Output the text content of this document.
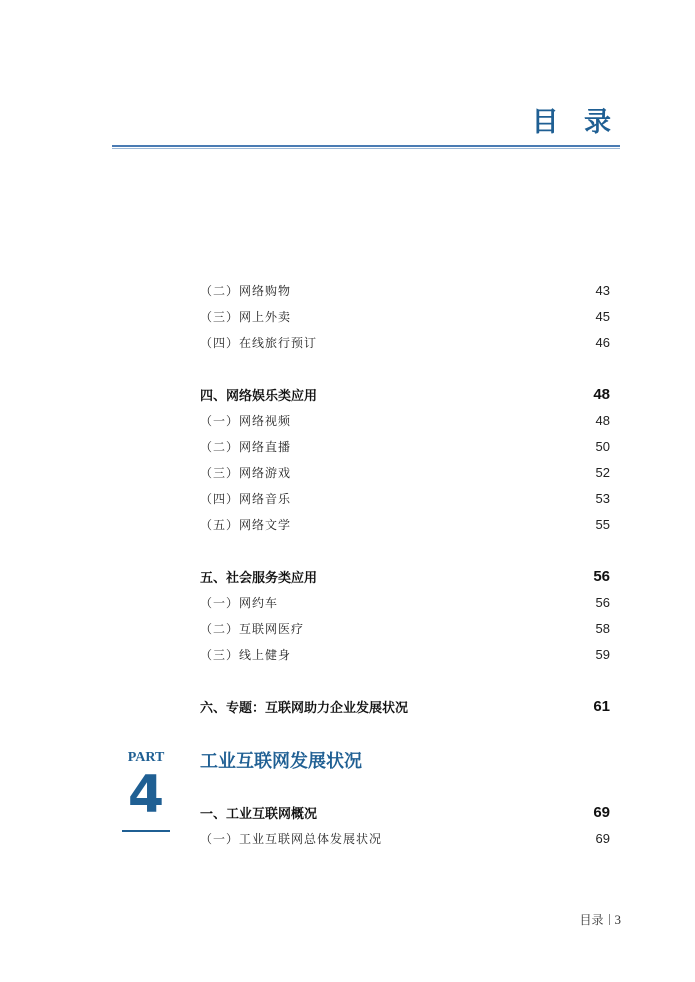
目 录
（二）网络购物	43
（三）网上外卖	45
（四）在线旅行预订	46
四、网络娱乐类应用	48
（一）网络视频	48
（二）网络直播	50
（三）网络游戏	52
（四）网络音乐	53
（五）网络文学	55
五、社会服务类应用	56
（一）网约车	56
（二）互联网医疗	58
（三）线上健身	59
六、专题：互联网助力企业发展状况	61
PART
4
工业互联网发展状况
一、工业互联网概况	69
（一）工业互联网总体发展状况	69
目录 3
